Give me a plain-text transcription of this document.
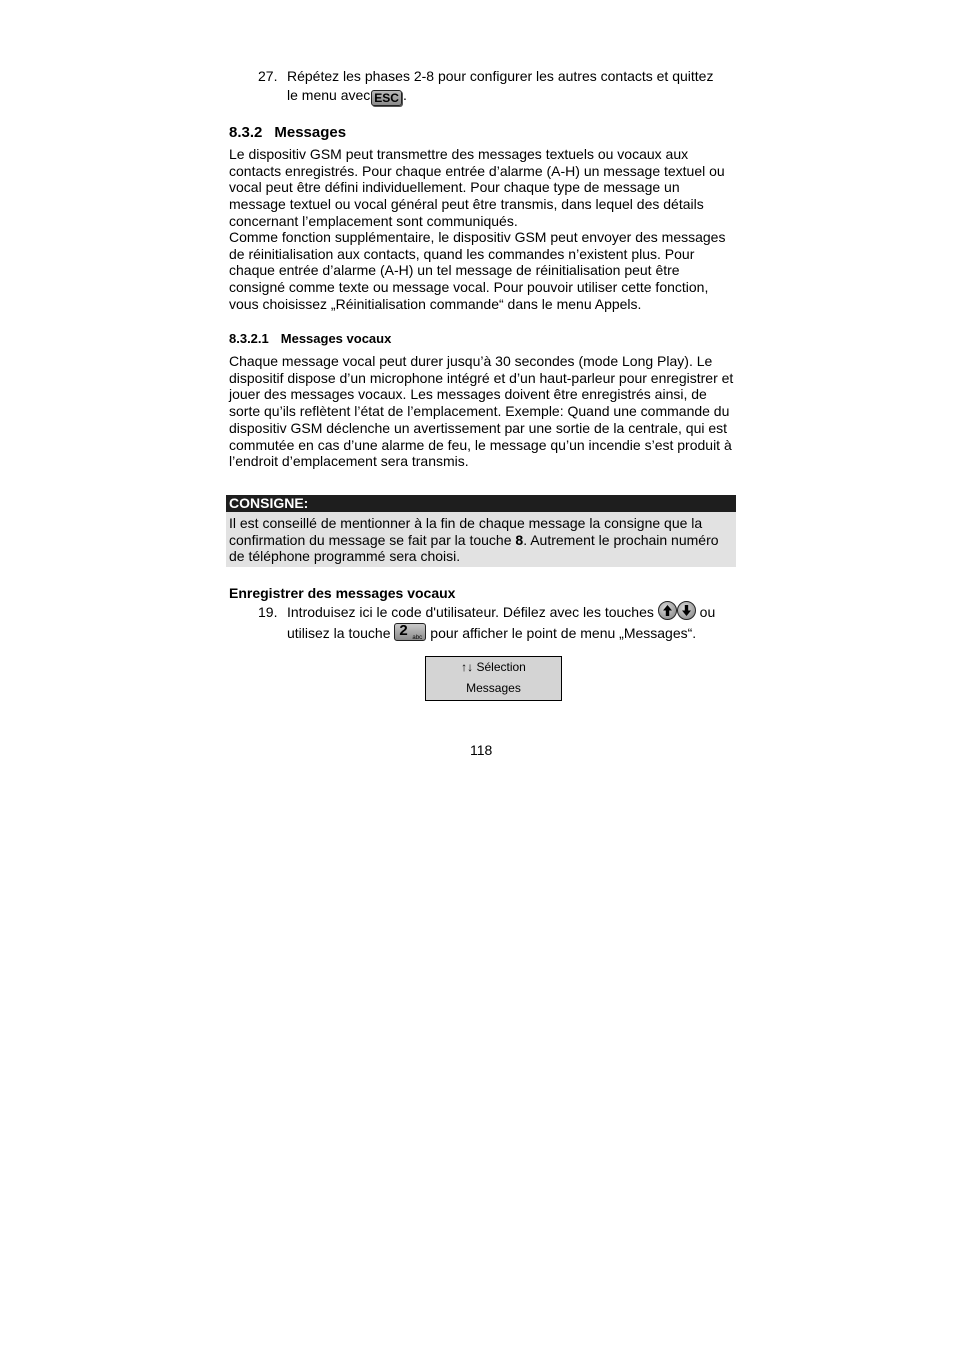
27. Répétez les phases 2-8 pour configurer les autres contacts et quittez
le menu avec ESC .
8.3.2 Messages
Le dispositiv GSM peut transmettre des messages textuels ou vocaux aux contacts enregistrés. Pour chaque entrée d’alarme (A-H) un message textuel ou vocal peut être défini individuellement. Pour chaque type de message un message textuel ou vocal général peut être transmis, dans lequel des détails concernant l’emplacement sont communiqués.
Comme fonction supplémentaire, le dispositiv GSM peut envoyer des messages de réinitialisation aux contacts, quand les commandes n’existent plus. Pour chaque entrée d’alarme (A-H) un tel message de réinitialisation peut être consigné comme texte ou message vocal. Pour pouvoir utiliser cette fonction, vous choisissez „Réinitialisation commande“ dans le menu Appels.
8.3.2.1 Messages vocaux
Chaque message vocal peut durer jusqu’à 30 secondes (mode Long Play). Le dispositif dispose d’un microphone intégré et d’un haut-parleur pour enregistrer et jouer des messages vocaux. Les messages doivent être enregistrés ainsi, de sorte qu’ils reflètent l’état de l’emplacement. Exemple: Quand une commande du dispositiv GSM déclenche un avertissement par une sortie de la centrale, qui est commutée en cas d’une alarme de feu, le message qu’un incendie s’est produit à l’endroit d’emplacement sera transmis.
CONSIGNE:
Il est conseillé de mentionner à la fin de chaque message la consigne que la confirmation du message se fait par la touche 8. Autrement le prochain numéro de téléphone programmé sera choisi.
Enregistrer des messages vocaux
19. Introduisez ici le code d'utilisateur. Défilez avec les touches	ou
utilisez la touche 2 abc pour afficher le point de menu „Messages“.
↑↓ Sélection
Messages
118
